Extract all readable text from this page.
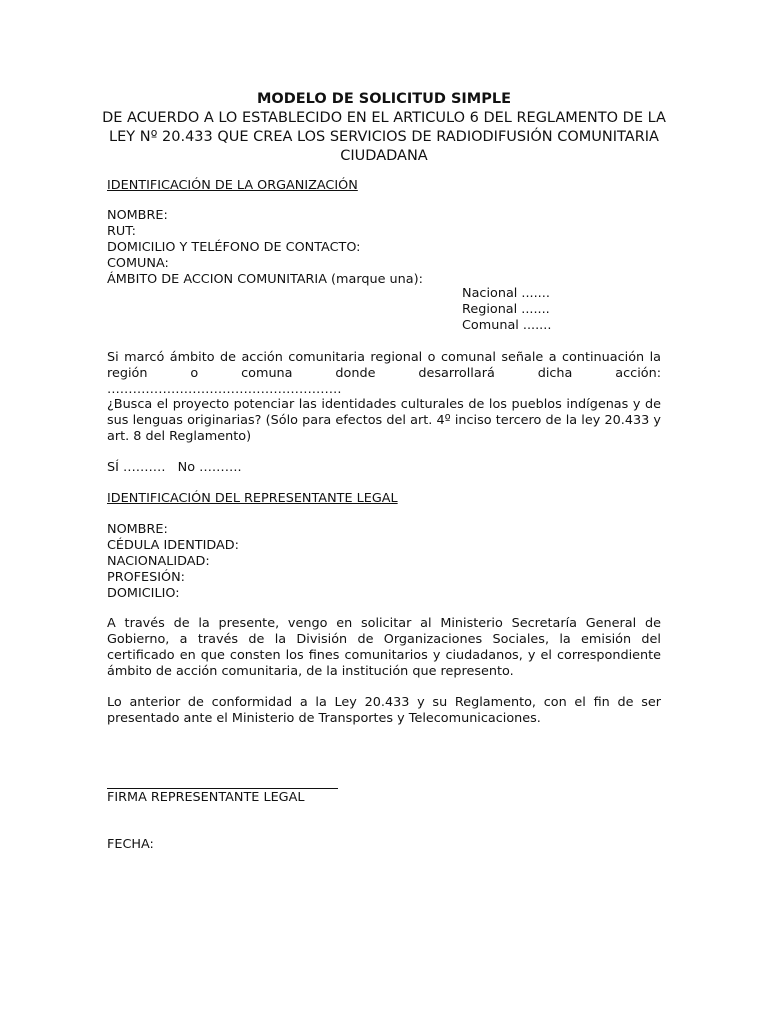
MODELO DE SOLICITUD SIMPLE
DE ACUERDO A LO ESTABLECIDO EN EL ARTICULO 6 DEL REGLAMENTO DE LA
LEY Nº 20.433 QUE CREA LOS SERVICIOS DE RADIODIFUSIÓN COMUNITARIA
CIUDADANA
IDENTIFICACIÓN DE LA ORGANIZACIÓN
NOMBRE:
RUT:
DOMICILIO Y TELÉFONO DE CONTACTO:
COMUNA:
ÁMBITO DE ACCION COMUNITARIA (marque una):
Nacional .......
Regional .......
Comunal .......
Si marcó ámbito de acción comunitaria regional o comunal señale a continuación la región o comuna donde desarrollará dicha acción: ……………………………………………….
¿Busca el proyecto potenciar las identidades culturales de los pueblos indígenas y de sus lenguas originarias? (Sólo para efectos del art. 4º inciso tercero de la ley 20.433 y art. 8 del Reglamento)
SÍ ……….   No ……….
IDENTIFICACIÓN DEL REPRESENTANTE LEGAL
NOMBRE:
CÉDULA IDENTIDAD:
NACIONALIDAD:
PROFESIÓN:
DOMICILIO:
A través de la presente, vengo en solicitar al Ministerio Secretaría General de Gobierno, a través de la División de Organizaciones Sociales, la emisión del certificado en que consten los fines comunitarios y ciudadanos, y el correspondiente ámbito de acción comunitaria, de la institución que represento.
Lo anterior de conformidad a la Ley 20.433 y su Reglamento, con el fin de ser presentado ante el Ministerio de Transportes y Telecomunicaciones.
FIRMA REPRESENTANTE LEGAL
FECHA:
